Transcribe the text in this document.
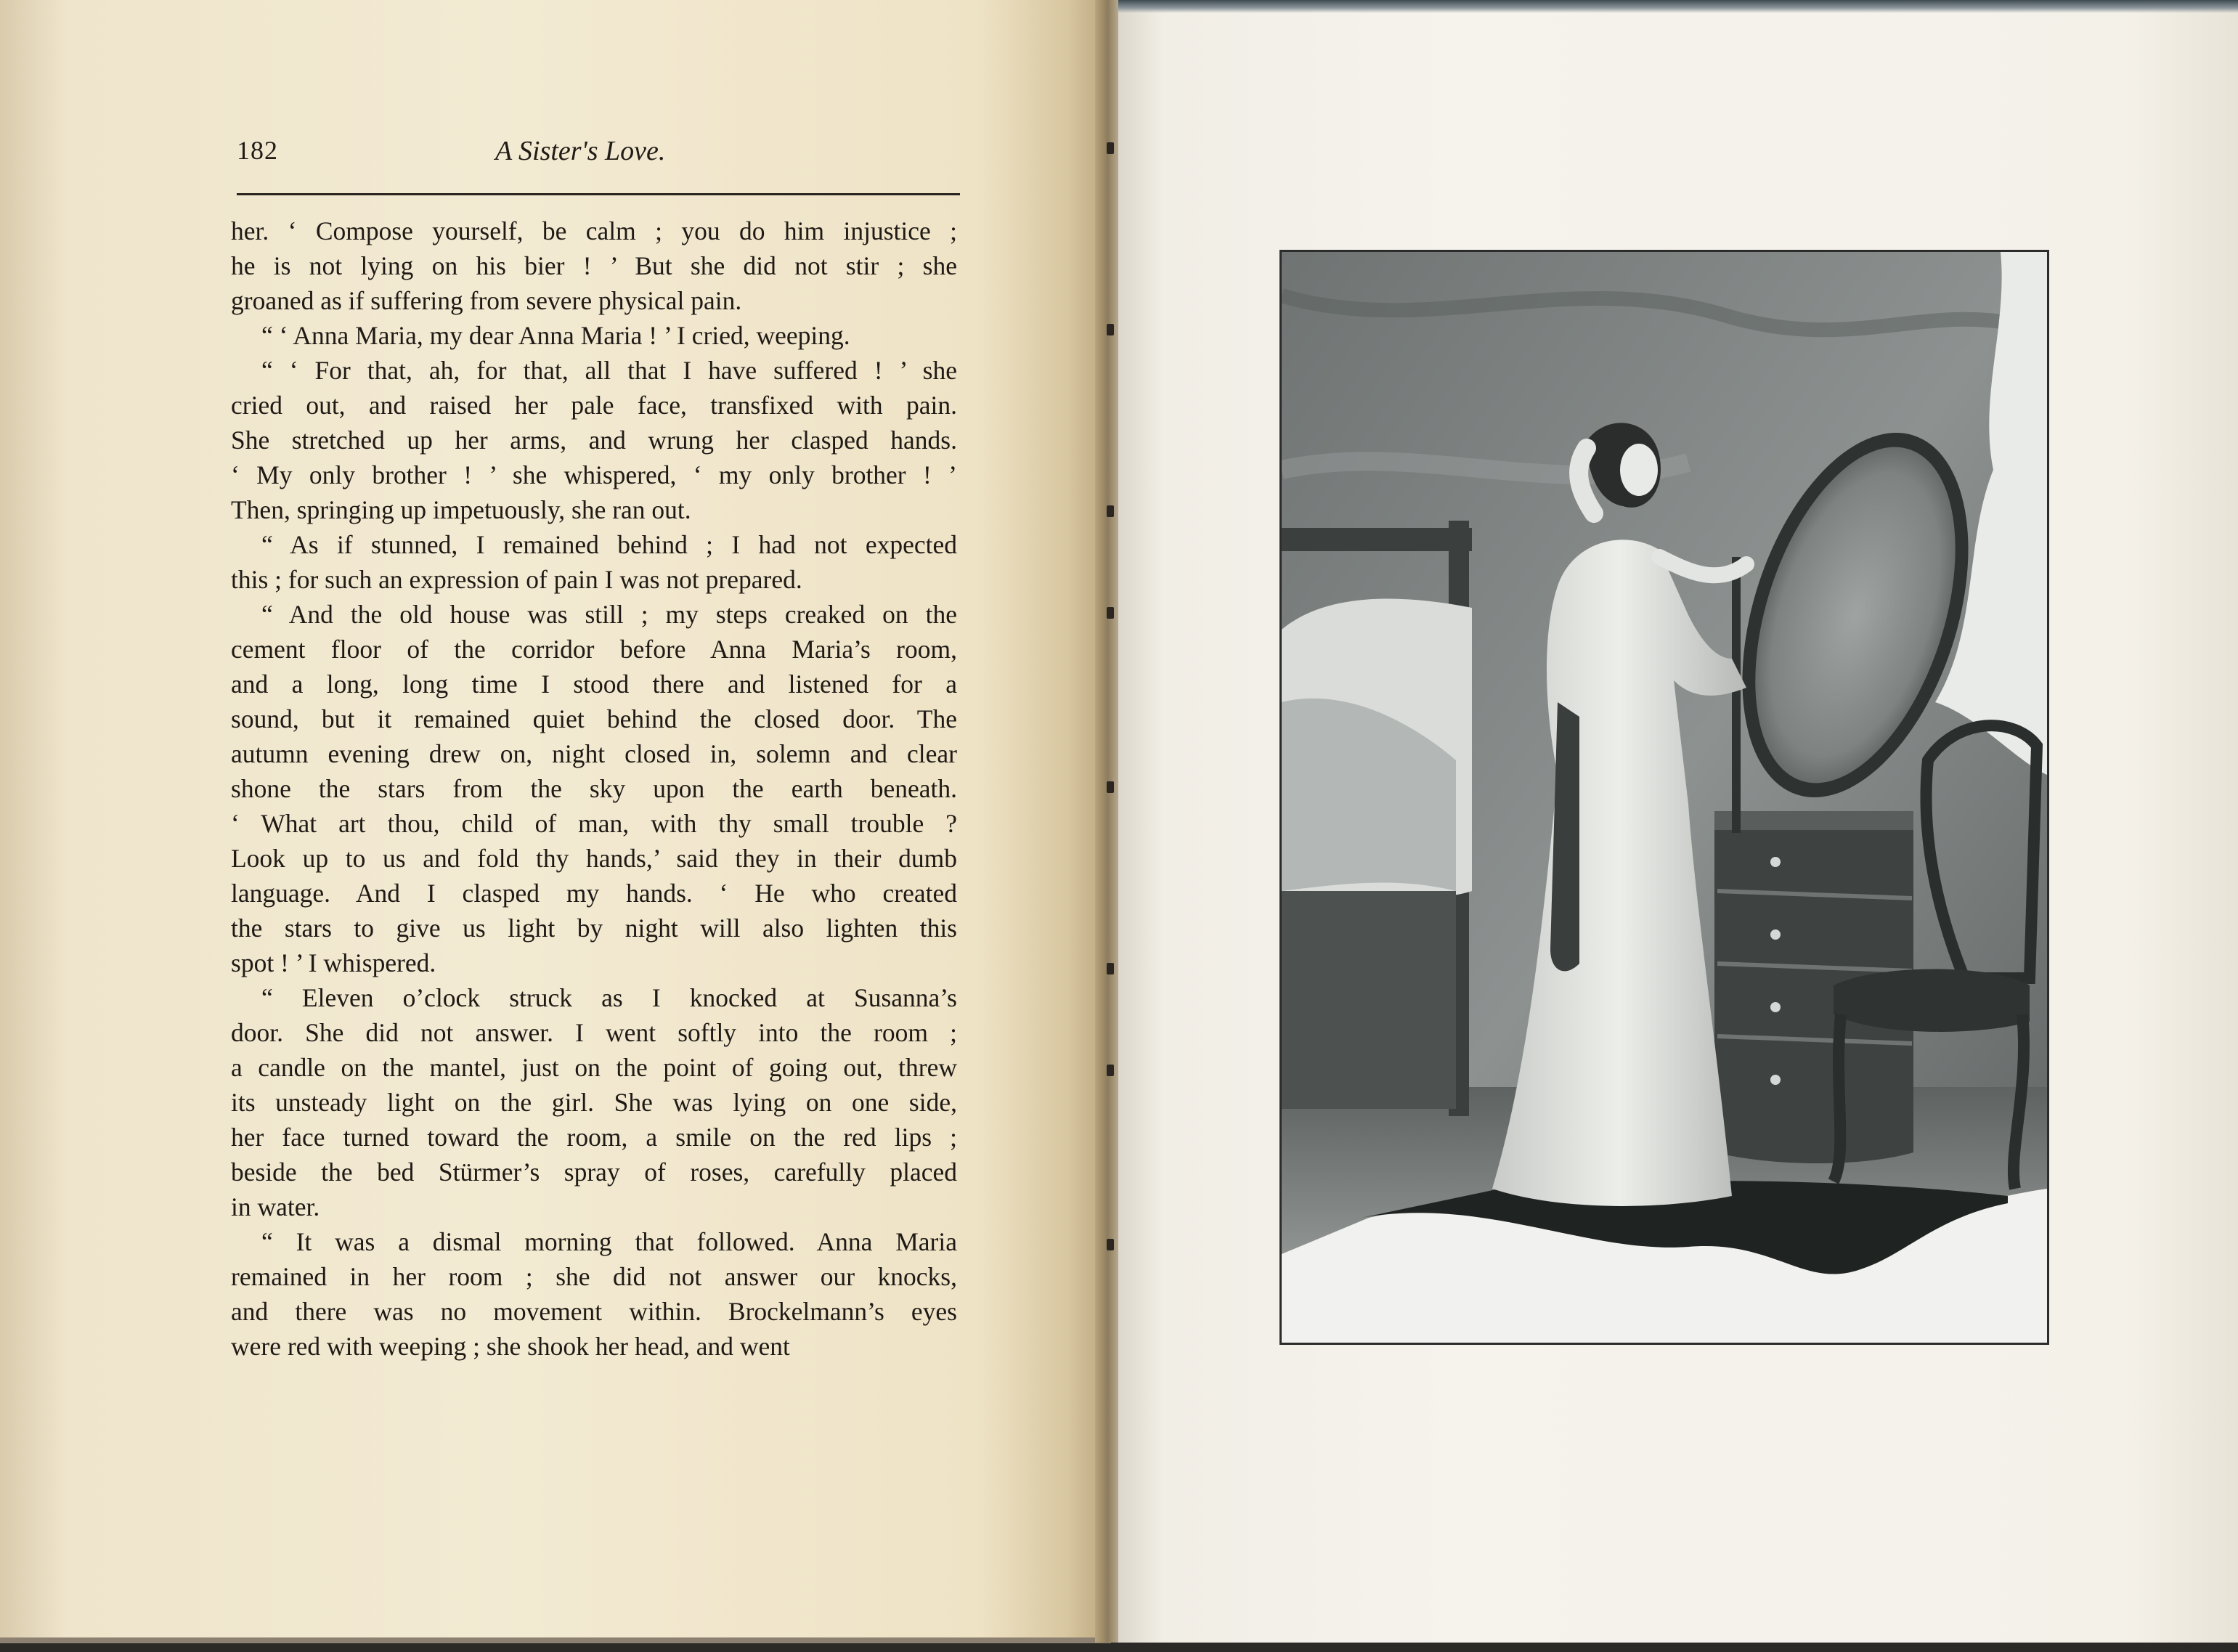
182	A Sister's Love.
her. ‘ Compose yourself, be calm ; you do him injustice ;
he is not lying on his bier ! ’ But she did not stir ; she
groaned as if suffering from severe physical pain.
“ ‘ Anna Maria, my dear Anna Maria ! ’ I cried, weeping.
“ ‘ For that, ah, for that, all that I have suffered ! ’ she
cried out, and raised her pale face, transfixed with pain.
She stretched up her arms, and wrung her clasped hands.
‘ My only brother ! ’ she whispered, ‘ my only brother ! ’
Then, springing up impetuously, she ran out.
“ As if stunned, I remained behind ; I had not expected
this ; for such an expression of pain I was not prepared.
“ And the old house was still ; my steps creaked on the
cement floor of the corridor before Anna Maria’s room,
and a long, long time I stood there and listened for a
sound, but it remained quiet behind the closed door. The
autumn evening drew on, night closed in, solemn and clear
shone the stars from the sky upon the earth beneath.
‘ What art thou, child of man, with thy small trouble ?
Look up to us and fold thy hands,’ said they in their dumb
language. And I clasped my hands. ‘ He who created
the stars to give us light by night will also lighten this
spot ! ’ I whispered.
“ Eleven o’clock struck as I knocked at Susanna’s
door. She did not answer. I went softly into the room ;
a candle on the mantel, just on the point of going out, threw
its unsteady light on the girl. She was lying on one side,
her face turned toward the room, a smile on the red lips ;
beside the bed Stürmer’s spray of roses, carefully placed
in water.
“ It was a dismal morning that followed. Anna Maria
remained in her room ; she did not answer our knocks,
and there was no movement within. Brockelmann’s eyes
were red with weeping ; she shook her head, and went
